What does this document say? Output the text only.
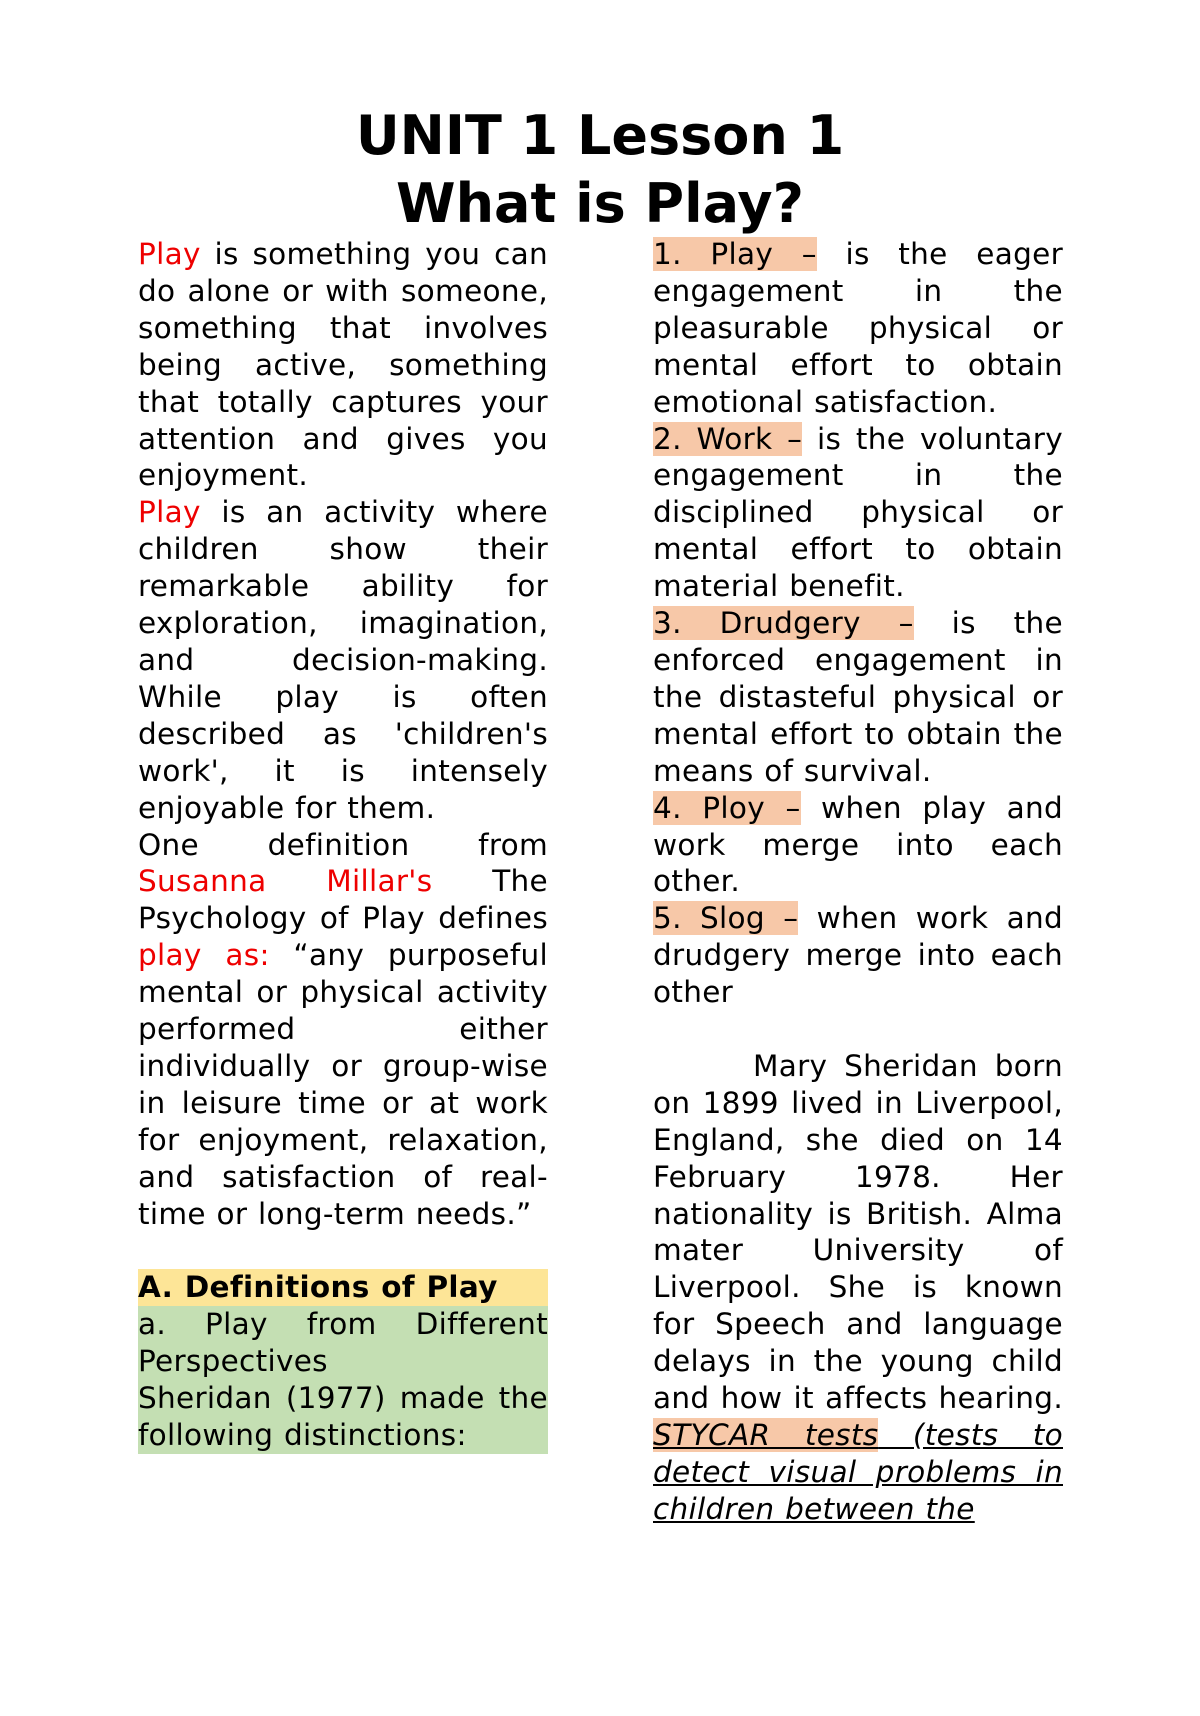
UNIT 1 Lesson 1
What is Play?

Play is something you can do alone or with someone, something that involves being active, something that totally captures your attention and gives you enjoyment.

Play is an activity where children show their remarkable ability for exploration, imagination, and decision-making. While play is often described as 'children's work', it is intensely enjoyable for them.

One definition from Susanna Millar's The Psychology of Play defines play as: “any purposeful mental or physical activity performed either individually or group-wise in leisure time or at work for enjoyment, relaxation, and satisfaction of real-time or long-term needs.”

A. Definitions of Play

a. Play from Different Perspectives

Sheridan (1977) made the following distinctions:

1. Play – is the eager engagement in the pleasurable physical or mental effort to obtain emotional satisfaction.

2. Work – is the voluntary engagement in the disciplined physical or mental effort to obtain material benefit.

3. Drudgery – is the enforced engagement in the distasteful physical or mental effort to obtain the means of survival.

4. Ploy – when play and work merge into each other.

5. Slog – when work and drudgery merge into each other

Mary Sheridan born on 1899 lived in Liverpool, England, she died on 14 February 1978. Her nationality is British. Alma mater University of Liverpool. She is known for Speech and language delays in the young child and how it affects hearing. STYCAR tests (tests to detect visual problems in children between the
